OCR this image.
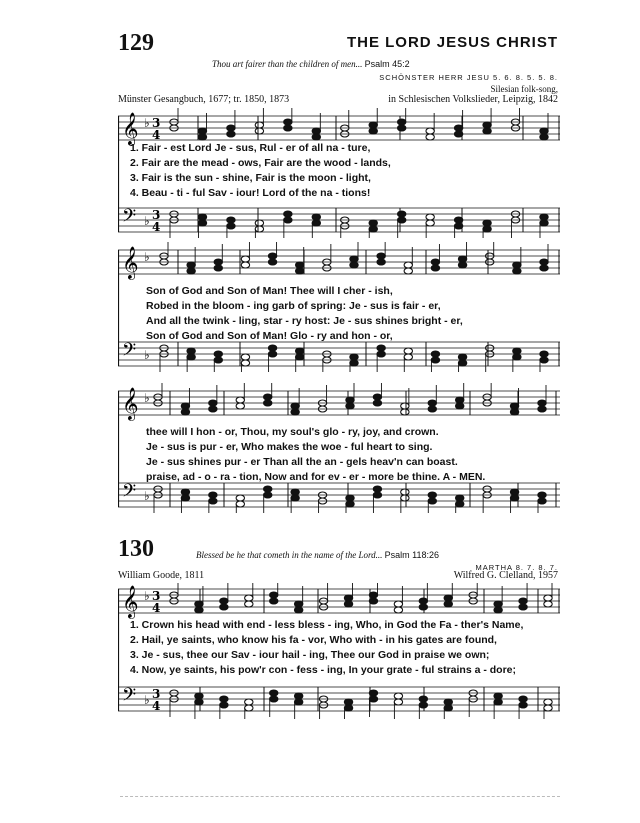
129	THE LORD JESUS CHRIST
Thou art fairer than the children of men... Psalm 45:2
SCHÖNSTER HERR JESU 5. 6. 8. 5. 5. 8.
Silesian folk-song,
Münster Gesangbuch, 1677; tr. 1850, 1873	in Schlesischen Volkslieder, Leipzig, 1842
𝄞
𝄢
♭
♭
3
4
3
4
1. Fair - est Lord Je - sus, Rul - er of all na - ture,
2. Fair are the mead - ows, Fair are the wood - lands,
3. Fair is the sun - shine, Fair is the moon - light,
4. Beau - ti - ful Sav - iour! Lord of the na - tions!
𝄞
𝄢
♭
♭
Son of God and Son of Man! Thee will I cher - ish,
Robed in the bloom - ing garb of spring: Je - sus is fair - er,
And all the twink - ling, star - ry host: Je - sus shines bright - er,
Son of God and Son of Man! Glo - ry and hon - or,
𝄞
𝄢
♭
♭
thee will I hon - or, Thou, my soul's glo - ry, joy, and crown.
Je - sus is pur - er, Who makes the woe - ful heart to sing.
Je - sus shines pur - er Than all the an - gels heav'n can boast.
praise, ad - o - ra - tion, Now and for ev - er - more be thine. A - MEN.
130	Blessed be he that cometh in the name of the Lord... Psalm 118:26
MARTHA 8. 7. 8. 7.
William Goode, 1811	Wilfred G. Clelland, 1957
𝄞
𝄢
♭
♭
3
4
3
4
1. Crown his head with end - less bless - ing, Who, in God the Fa - ther's Name,
2. Hail, ye saints, who know his fa - vor, Who with - in his gates are found,
3. Je - sus, thee our Sav - iour hail - ing, Thee our God in praise we own;
4. Now, ye saints, his pow'r con - fess - ing, In your grate - ful strains a - dore;
